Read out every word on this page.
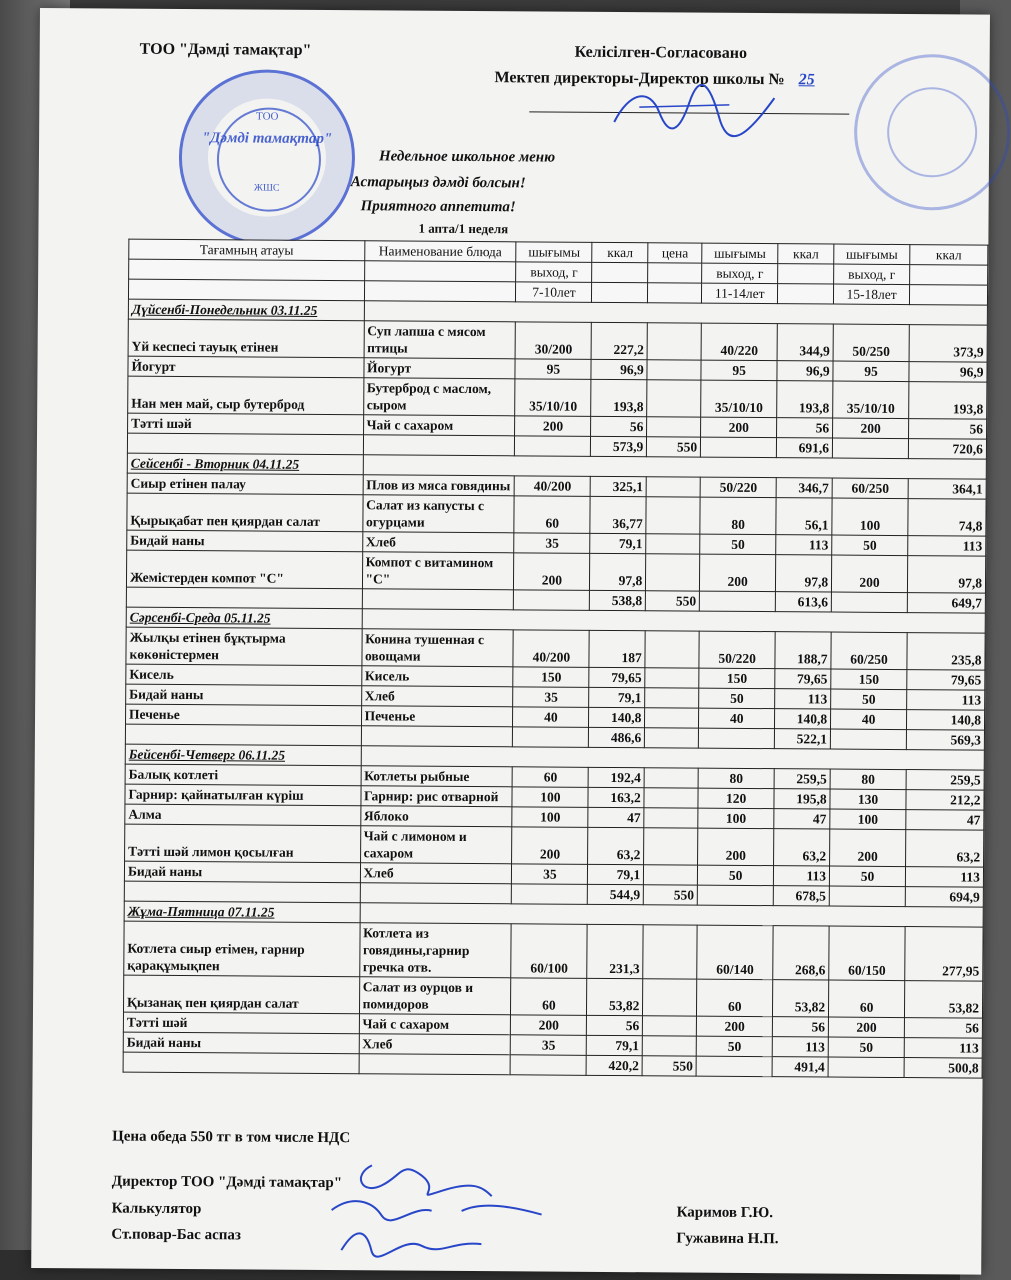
ТОО "Дәмді тамақтар"	Келісілген-Согласовано
Мектеп директоры-Директор школы № 25
ТОО
"Дәмді тамақтар"
ЖШС
Недельное школьное меню
Астарыңыз дәмді болсын!
Приятного аппетита!
1 апта/1 неделя
Тағамның атауы	Наименование блюда	шығымы	ккал	цена	шығымы	ккал	шығымы	ккал
		выход, г			выход, г		выход, г	
		7-10лет			11-14лет		15-18лет	
Дүйсенбі-Понедельник 03.11.25								
Үй кеспесі тауық етінен	Суп лапша с мясом птицы	30/200	227,2		40/220	344,9	50/250	373,9
Йогурт	Йогурт	95	96,9		95	96,9	95	96,9
Нан мен май, сыр бутерброд	Бутерброд с маслом, сыром	35/10/10	193,8		35/10/10	193,8	35/10/10	193,8
Тәтті шәй	Чай с сахаром	200	56		200	56	200	56
			573,9	550		691,6		720,6
Сейсенбі - Вторник 04.11.25								
Сиыр етінен палау	Плов из мяса говядины	40/200	325,1		50/220	346,7	60/250	364,1
Қырықабат пен қиярдан салат	Салат из капусты с огурцами	60	36,77		80	56,1	100	74,8
Бидай наны	Хлеб	35	79,1		50	113	50	113
Жемістерден компот "С"	Компот с витамином "С"	200	97,8		200	97,8	200	97,8
			538,8	550		613,6		649,7
Сәрсенбі-Среда 05.11.25								
Жылқы етінен бұқтырма көкөністермен	Конина тушенная с овощами	40/200	187		50/220	188,7	60/250	235,8
Кисель	Кисель	150	79,65		150	79,65	150	79,65
Бидай наны	Хлеб	35	79,1		50	113	50	113
Печенье	Печенье	40	140,8		40	140,8	40	140,8
			486,6			522,1		569,3
Бейсенбі-Четверг 06.11.25								
Балық котлеті	Котлеты рыбные	60	192,4		80	259,5	80	259,5
Гарнир: қайнатылған күріш	Гарнир: рис отварной	100	163,2		120	195,8	130	212,2
Алма	Яблоко	100	47		100	47	100	47
Тәтті шәй лимон қосылған	Чай с лимоном и сахаром	200	63,2		200	63,2	200	63,2
Бидай наны	Хлеб	35	79,1		50	113	50	113
			544,9	550		678,5		694,9
Жұма-Пятница 07.11.25								
Котлета сиыр етімен, гарнир қарақұмықпен	Котлета из говядины,гарнир гречка отв.	60/100	231,3		60/140	268,6	60/150	277,95
Қызанақ пен қиярдан салат	Салат из оурцов и помидоров	60	53,82		60	53,82	60	53,82
Тәтті шәй	Чай с сахаром	200	56		200	56	200	56
Бидай наны	Хлеб	35	79,1		50	113	50	113
			420,2	550		491,4		500,8
Цена обеда 550 тг в том числе НДС
Директор ТОО "Дәмді тамақтар"
Калькулятор
Ст.повар-Бас аспаз
Каримов Г.Ю.
Гужавина Н.П.
